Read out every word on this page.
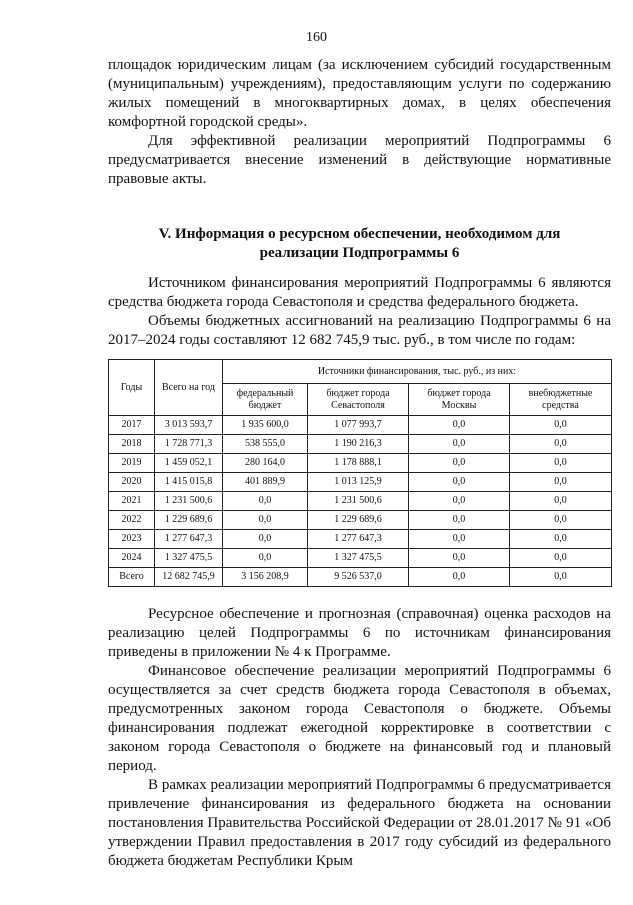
160

площадок юридическим лицам (за исключением субсидий государственным (муниципальным) учреждениям), предоставляющим услуги по содержанию жилых помещений в многоквартирных домах, в целях обеспечения комфортной городской среды».

Для эффективной реализации мероприятий Подпрограммы 6 предусматривается внесение изменений в действующие нормативные правовые акты.

V. Информация о ресурсном обеспечении, необходимом для
реализации Подпрограммы 6

Источником финансирования мероприятий Подпрограммы 6 являются средства бюджета города Севастополя и средства федерального бюджета.

Объемы бюджетных ассигнований на реализацию Подпрограммы 6 на 2017–2024 годы составляют 12 682 745,9 тыс. руб., в том числе по годам:

Годы	Всего на год	Источники финансирования, тыс. руб., из них:			
		федеральный бюджет	бюджет города Севастополя	бюджет города Москвы	внебюджетные средства
2017	3 013 593,7	1 935 600,0	1 077 993,7	0,0	0,0
2018	1 728 771,3	538 555,0	1 190 216,3	0,0	0,0
2019	1 459 052,1	280 164,0	1 178 888,1	0,0	0,0
2020	1 415 015,8	401 889,9	1 013 125,9	0,0	0,0
2021	1 231 500,6	0,0	1 231 500,6	0,0	0,0
2022	1 229 689,6	0,0	1 229 689,6	0,0	0,0
2023	1 277 647,3	0,0	1 277 647,3	0,0	0,0
2024	1 327 475,5	0,0	1 327 475,5	0,0	0,0
Всего	12 682 745,9	3 156 208,9	9 526 537,0	0,0	0,0

Ресурсное обеспечение и прогнозная (справочная) оценка расходов на реализацию целей Подпрограммы 6 по источникам финансирования приведены в приложении № 4 к Программе.

Финансовое обеспечение реализации мероприятий Подпрограммы 6 осуществляется за счет средств бюджета города Севастополя в объемах, предусмотренных законом города Севастополя о бюджете. Объемы финансирования подлежат ежегодной корректировке в соответствии с законом города Севастополя о бюджете на финансовый год и плановый период.

В рамках реализации мероприятий Подпрограммы 6 предусматривается привлечение финансирования из федерального бюджета на основании постановления Правительства Российской Федерации от 28.01.2017 № 91 «Об утверждении Правил предоставления в 2017 году субсидий из федерального бюджета бюджетам Республики Крым
